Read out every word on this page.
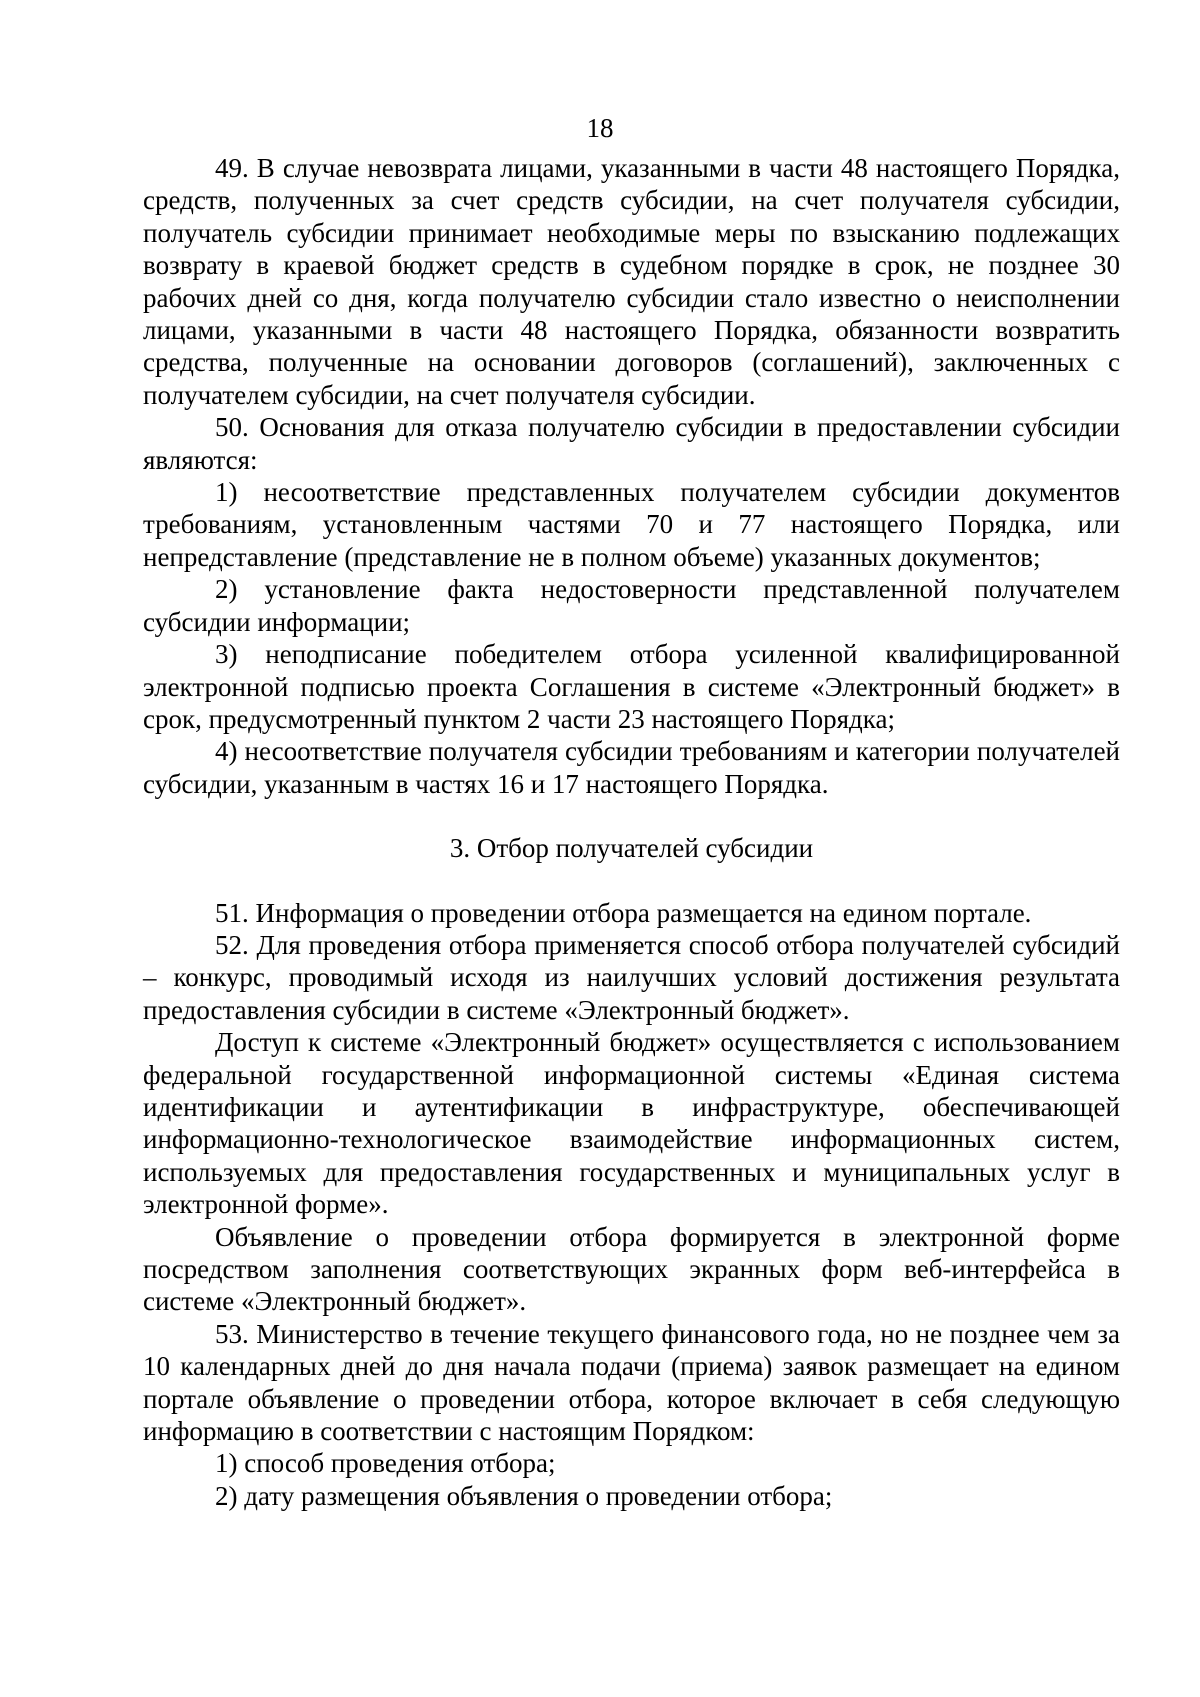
18

49. В случае невозврата лицами, указанными в части 48 настоящего Порядка, средств, полученных за счет средств субсидии, на счет получателя субсидии, получатель субсидии принимает необходимые меры по взысканию подлежащих возврату в краевой бюджет средств в судебном порядке в срок, не позднее 30 рабочих дней со дня, когда получателю субсидии стало известно о неисполнении лицами, указанными в части 48 настоящего Порядка, обязанности возвратить средства, полученные на основании договоров (соглашений), заключенных с получателем субсидии, на счет получателя субсидии.

50. Основания для отказа получателю субсидии в предоставлении субсидии являются:

1) несоответствие представленных получателем субсидии документов требованиям, установленным частями 70 и 77 настоящего Порядка, или непредставление (представление не в полном объеме) указанных документов;

2) установление факта недостоверности представленной получателем субсидии информации;

3) неподписание победителем отбора усиленной квалифицированной электронной подписью проекта Соглашения в системе «Электронный бюджет» в срок, предусмотренный пунктом 2 части 23 настоящего Порядка;

4) несоответствие получателя субсидии требованиям и категории получателей субсидии, указанным в частях 16 и 17 настоящего Порядка.

3. Отбор получателей субсидии

51. Информация о проведении отбора размещается на едином портале.

52. Для проведения отбора применяется способ отбора получателей субсидий – конкурс, проводимый исходя из наилучших условий достижения результата предоставления субсидии в системе «Электронный бюджет».

Доступ к системе «Электронный бюджет» осуществляется с использованием федеральной государственной информационной системы «Единая система идентификации и аутентификации в инфраструктуре, обеспечивающей информационно-технологическое взаимодействие информационных систем, используемых для предоставления государственных и муниципальных услуг в электронной форме».

Объявление о проведении отбора формируется в электронной форме посредством заполнения соответствующих экранных форм веб-интерфейса в системе «Электронный бюджет».

53. Министерство в течение текущего финансового года, но не позднее чем за 10 календарных дней до дня начала подачи (приема) заявок размещает на едином портале объявление о проведении отбора, которое включает в себя следующую информацию в соответствии с настоящим Порядком:

1) способ проведения отбора;

2) дату размещения объявления о проведении отбора;
